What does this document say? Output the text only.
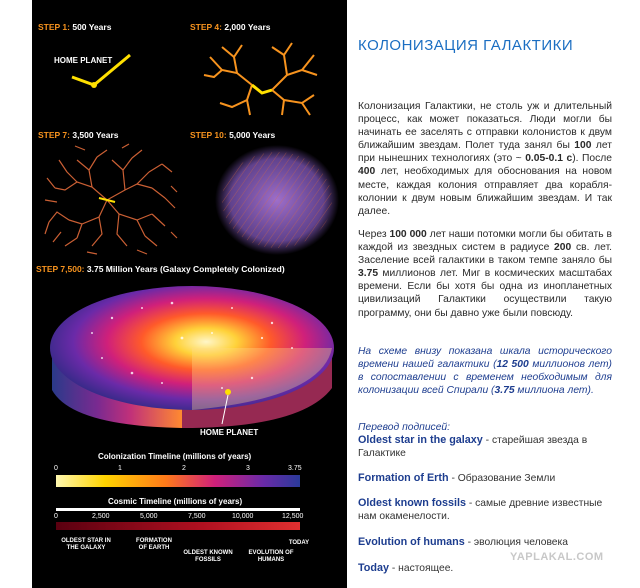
STEP 1: 500 Years
HOME PLANET
STEP 4: 2,000 Years
STEP 7: 3,500 Years	STEP 10: 5,000 Years
STEP 7,500: 3.75 Million Years (Galaxy Completely Colonized)
HOME PLANET
Colonization Timeline (millions of years)
0	1	2	3	3.75
Cosmic Timeline (millions of years)
0	2,500	5,000	7,500	10,000	12,500
OLDEST STAR IN THE GALAXY
FORMATION OF EARTH
OLDEST KNOWN FOSSILS
EVOLUTION OF HUMANS
TODAY
КОЛОНИЗАЦИЯ ГАЛАКТИКИ
Колонизация Галактики, не столь уж и длительный процесс, как может показаться. Люди могли бы начинать ее заселять с отправки колонистов к двум ближайшим звездам. Полет туда занял бы 100 лет при нынешних технологиях (это ~ 0.05-0.1 c). После 400 лет, необходимых для обоснования на новом месте, каждая колония отправляет два корабля-колонии к двум новым ближайшим звездам. И так далее.
Через 100 000 лет наши потомки могли бы обитать в каждой из звездных систем в радиусе 200 св. лет. Заселение всей галактики в таком темпе заняло бы 3.75 миллионов лет. Миг в космических масштабах времени. Если бы хотя бы одна из инопланетных цивилизаций Галактики осуществили такую программу, они бы давно уже были повсюду.
На схеме внизу показана шкала исторического времени нашей галактики (12 500 миллионов лет) в сопоставлении с временем необходимым для колонизации всей Спирали (3.75 миллиона лет).
Перевод подписей:
Oldest star in the galaxy - старейшая звезда в Галактике
Formation of Erth - Образование Земли
Oldest known fossils - самые древние известные нам окаменелости.
Evolution of humans - эволюция человека
Today - настоящее.
YAPLAKAL.COM
